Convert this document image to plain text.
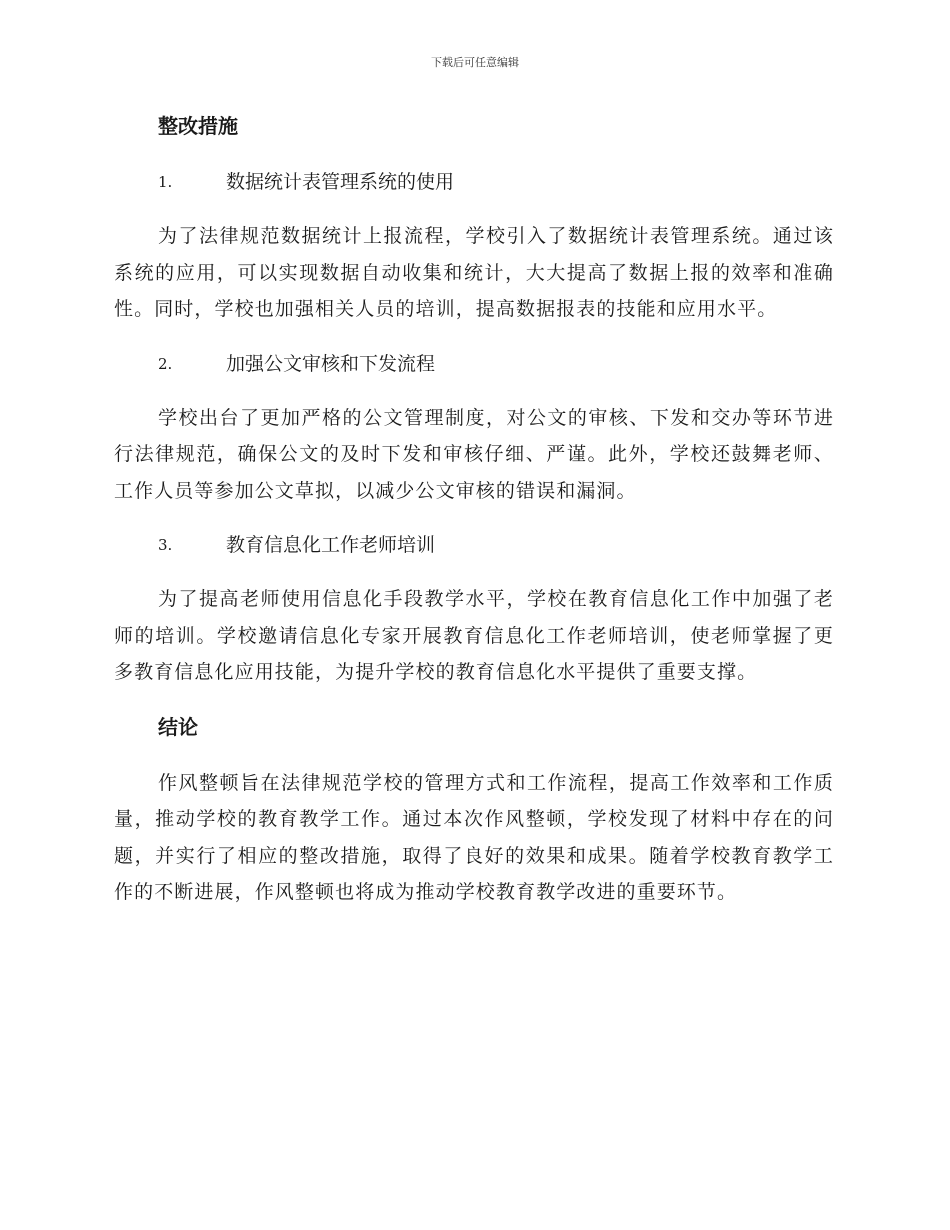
下载后可任意编辑
整改措施
1.	数据统计表管理系统的使用

为了法律规范数据统计上报流程，学校引入了数据统计表管理系统。通过该系统的应用，可以实现数据自动收集和统计，大大提高了数据上报的效率和准确性。同时，学校也加强相关人员的培训，提高数据报表的技能和应用水平。

2.	加强公文审核和下发流程

学校出台了更加严格的公文管理制度，对公文的审核、下发和交办等环节进行法律规范，确保公文的及时下发和审核仔细、严谨。此外，学校还鼓舞老师、工作人员等参加公文草拟，以减少公文审核的错误和漏洞。

3.	教育信息化工作老师培训

为了提高老师使用信息化手段教学水平，学校在教育信息化工作中加强了老师的培训。学校邀请信息化专家开展教育信息化工作老师培训，使老师掌握了更多教育信息化应用技能，为提升学校的教育信息化水平提供了重要支撑。

结论

作风整顿旨在法律规范学校的管理方式和工作流程，提高工作效率和工作质量，推动学校的教育教学工作。通过本次作风整顿，学校发现了材料中存在的问题，并实行了相应的整改措施，取得了良好的效果和成果。随着学校教育教学工作的不断进展，作风整顿也将成为推动学校教育教学改进的重要环节。
